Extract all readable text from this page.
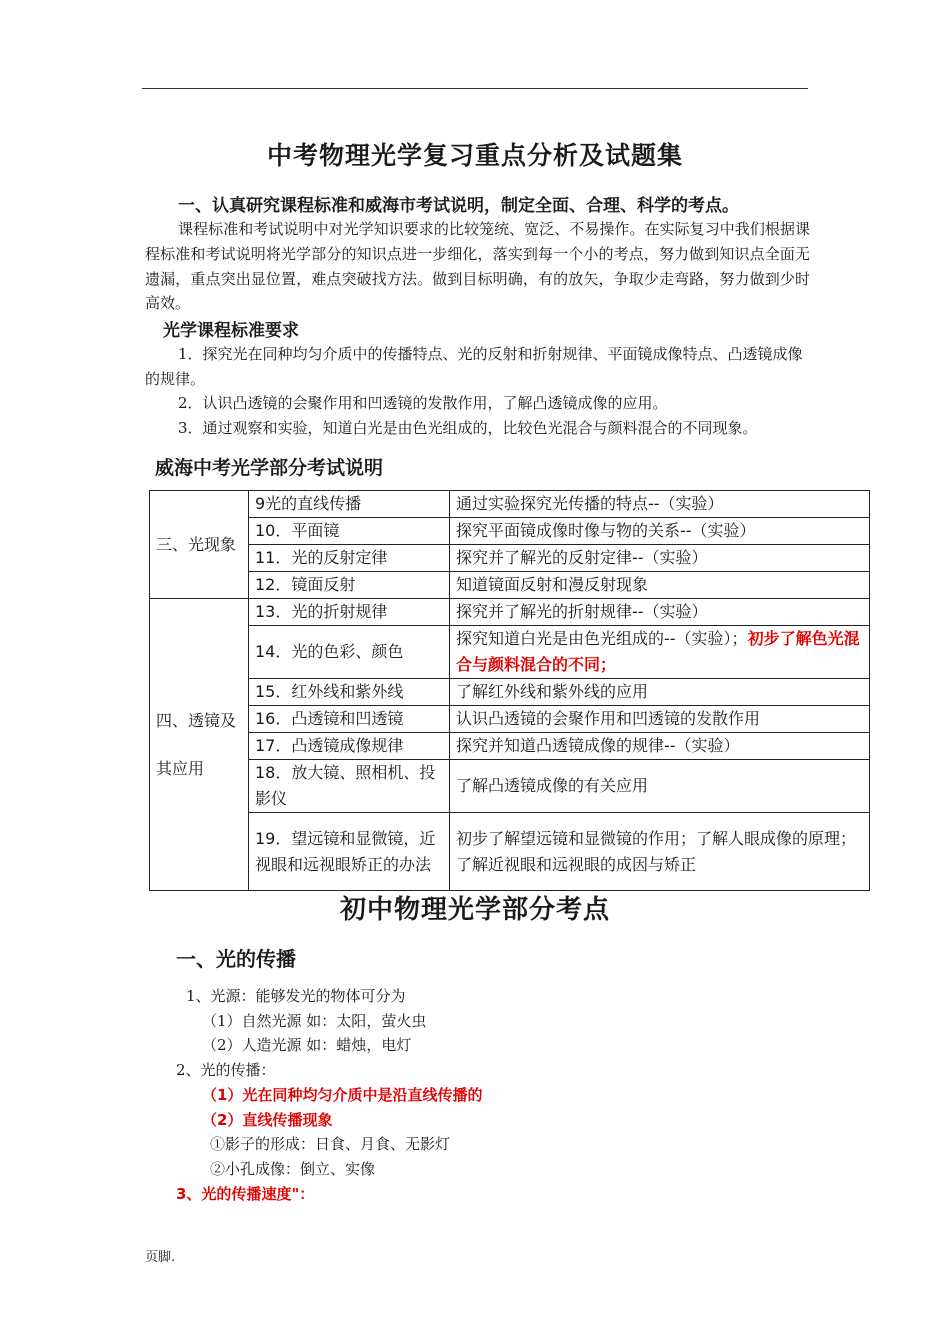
中考物理光学复习重点分析及试题集
一、认真研究课程标准和威海市考试说明，制定全面、合理、科学的考点。
课程标准和考试说明中对光学知识要求的比较笼统、宽泛、不易操作。在实际复习中我们根据课程标准和考试说明将光学部分的知识点进一步细化，落实到每一个小的考点，努力做到知识点全面无遗漏，重点突出显位置，难点突破找方法。做到目标明确，有的放矢，争取少走弯路，努力做到少时高效。
光学课程标准要求
1．探究光在同种均匀介质中的传播特点、光的反射和折射规律、平面镜成像特点、凸透镜成像的规律。
2．认识凸透镜的会聚作用和凹透镜的发散作用，了解凸透镜成像的应用。
3．通过观察和实验，知道白光是由色光组成的，比较色光混合与颜料混合的不同现象。
威海中考光学部分考试说明
三、光现象	9光的直线传播	通过实验探究光传播的特点--（实验）
	10．平面镜	探究平面镜成像时像与物的关系--（实验）
	11．光的反射定律	探究并了解光的反射定律--（实验）
	12．镜面反射	知道镜面反射和漫反射现象

四、透镜及
其应用	13．光的折射规律	探究并了解光的折射规律--（实验）
	14．光的色彩、颜色	探究知道白光是由色光组成的--（实验）；初步了解色光混合与颜料混合的不同；
	15．红外线和紫外线	了解红外线和紫外线的应用
	16．凸透镜和凹透镜	认识凸透镜的会聚作用和凹透镜的发散作用
	17．凸透镜成像规律	探究并知道凸透镜成像的规律--（实验）
	18．放大镜、照相机、投影仪	了解凸透镜成像的有关应用
	19．望远镜和显微镜，近视眼和远视眼矫正的办法	初步了解望远镜和显微镜的作用；了解人眼成像的原理；了解近视眼和远视眼的成因与矫正
初中物理光学部分考点
一、光的传播
1、光源：能够发光的物体可分为
（1）自然光源 如：太阳，萤火虫
（2）人造光源 如：蜡烛，电灯
2、光的传播：
（1）光在同种均匀介质中是沿直线传播的
（2）直线传播现象
①影子的形成：日食、月食、无影灯
②小孔成像：倒立、实像
3、光的传播速度"：
页脚.
